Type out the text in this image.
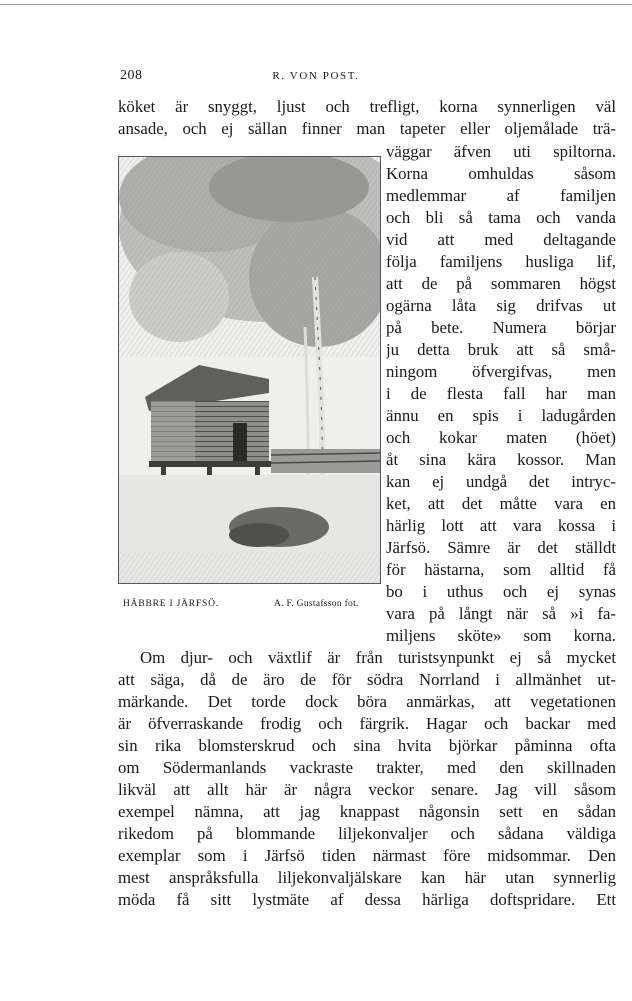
208	R. VON POST.
köket är snyggt, ljust och trefligt, korna synnerligen väl
ansade, och ej sällan finner man tapeter eller oljemålade trä-
HÄBBRE I JÄRFSÖ.	A. F. Gustafsson fot.
väggar äfven uti spiltorna.
Korna omhuldas såsom
medlemmar af familjen
och bli så tama och vanda
vid att med deltagande
följa familjens husliga lif,
att de på sommaren högst
ogärna låta sig drifvas ut
på bete. Numera börjar
ju detta bruk att så små-
ningom öfvergifvas, men
i de flesta fall har man
ännu en spis i ladugården
och kokar maten (höet)
åt sina kära kossor. Man
kan ej undgå det intryc-
ket, att det måtte vara en
härlig lott att vara kossa i
Järfsö. Sämre är det ställdt
för hästarna, som alltid få
bo i uthus och ej synas
vara på långt när så »i fa-
miljens sköte» som korna.
Om djur- och växtlif är från turistsynpunkt ej så mycket
att säga, då de äro de för södra Norrland i allmänhet ut-
märkande. Det torde dock böra anmärkas, att vegetationen
är öfverraskande frodig och färgrik. Hagar och backar med
sin rika blomsterskrud och sina hvita björkar påminna ofta
om Södermanlands vackraste trakter, med den skillnaden
likväl att allt här är några veckor senare. Jag vill såsom
exempel nämna, att jag knappast någonsin sett en sådan
rikedom på blommande liljekonvaljer och sådana väldiga
exemplar som i Järfsö tiden närmast före midsommar. Den
mest anspråksfulla liljekonvaljälskare kan här utan synnerlig
möda få sitt lystmäte af dessa härliga doftspridare. Ett
